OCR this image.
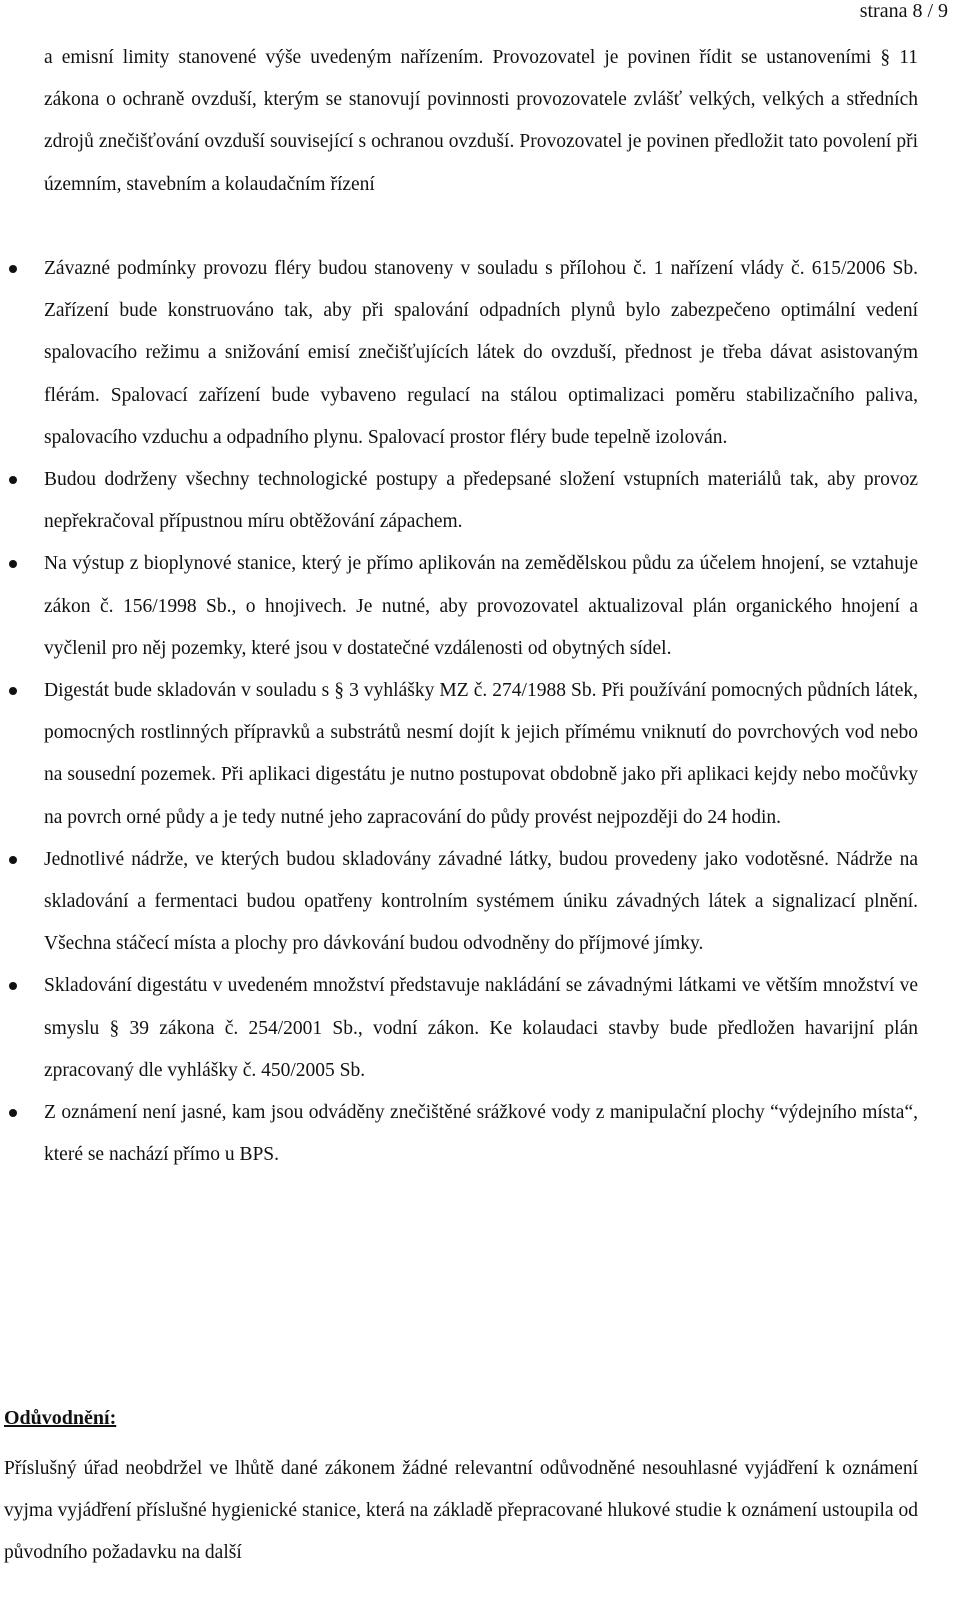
strana 8 / 9

a emisní limity stanovené výše uvedeným nařízením. Provozovatel je povinen řídit se ustanoveními § 11 zákona o ochraně ovzduší, kterým se stanovují povinnosti provozovatele zvlášť velkých, velkých a středních zdrojů znečišťování ovzduší související s ochranou ovzduší. Provozovatel je povinen předložit tato povolení při územním, stavebním a kolaudačním řízení

Závazné podmínky provozu fléry budou stanoveny v souladu s přílohou č. 1 nařízení vlády č. 615/2006 Sb. Zařízení bude konstruováno tak, aby při spalování odpadních plynů bylo zabezpečeno optimální vedení spalovacího režimu a snižování emisí znečišťujících látek do ovzduší, přednost je třeba dávat asistovaným flérám. Spalovací zařízení bude vybaveno regulací na stálou optimalizaci poměru stabilizačního paliva, spalovacího vzduchu a odpadního plynu. Spalovací prostor fléry bude tepelně izolován.
Budou dodrženy všechny technologické postupy a předepsané složení vstupních materiálů tak, aby provoz nepřekračoval přípustnou míru obtěžování zápachem.
Na výstup z bioplynové stanice, který je přímo aplikován na zemědělskou půdu za účelem hnojení, se vztahuje zákon č. 156/1998 Sb., o hnojivech. Je nutné, aby provozovatel aktualizoval plán organického hnojení a vyčlenil pro něj pozemky, které jsou v dostatečné vzdálenosti od obytných sídel.
Digestát bude skladován v souladu s § 3 vyhlášky MZ č. 274/1988 Sb. Při používání pomocných půdních látek, pomocných rostlinných přípravků a substrátů nesmí dojít k jejich přímému vniknutí do povrchových vod nebo na sousední pozemek. Při aplikaci digestátu je nutno postupovat obdobně jako při aplikaci kejdy nebo močůvky na povrch orné půdy a je tedy nutné jeho zapracování do půdy provést nejpozději do 24 hodin.
Jednotlivé nádrže, ve kterých budou skladovány závadné látky, budou provedeny jako vodotěsné. Nádrže na skladování a fermentaci budou opatřeny kontrolním systémem úniku závadných látek a signalizací plnění. Všechna stáčecí místa a plochy pro dávkování budou odvodněny do příjmové jímky.
Skladování digestátu v uvedeném množství představuje nakládání se závadnými látkami ve větším množství ve smyslu § 39 zákona č. 254/2001 Sb., vodní zákon. Ke kolaudaci stavby bude předložen havarijní plán zpracovaný dle vyhlášky č. 450/2005 Sb.
Z oznámení není jasné, kam jsou odváděny znečištěné srážkové vody z manipulační plochy “výdejního místa“, které se nachází přímo u BPS.
Odůvodnění:

Příslušný úřad neobdržel ve lhůtě dané zákonem žádné relevantní odůvodněné nesouhlasné vyjádření k oznámení vyjma vyjádření příslušné hygienické stanice, která na základě přepracované hlukové studie k oznámení ustoupila od původního požadavku na další
